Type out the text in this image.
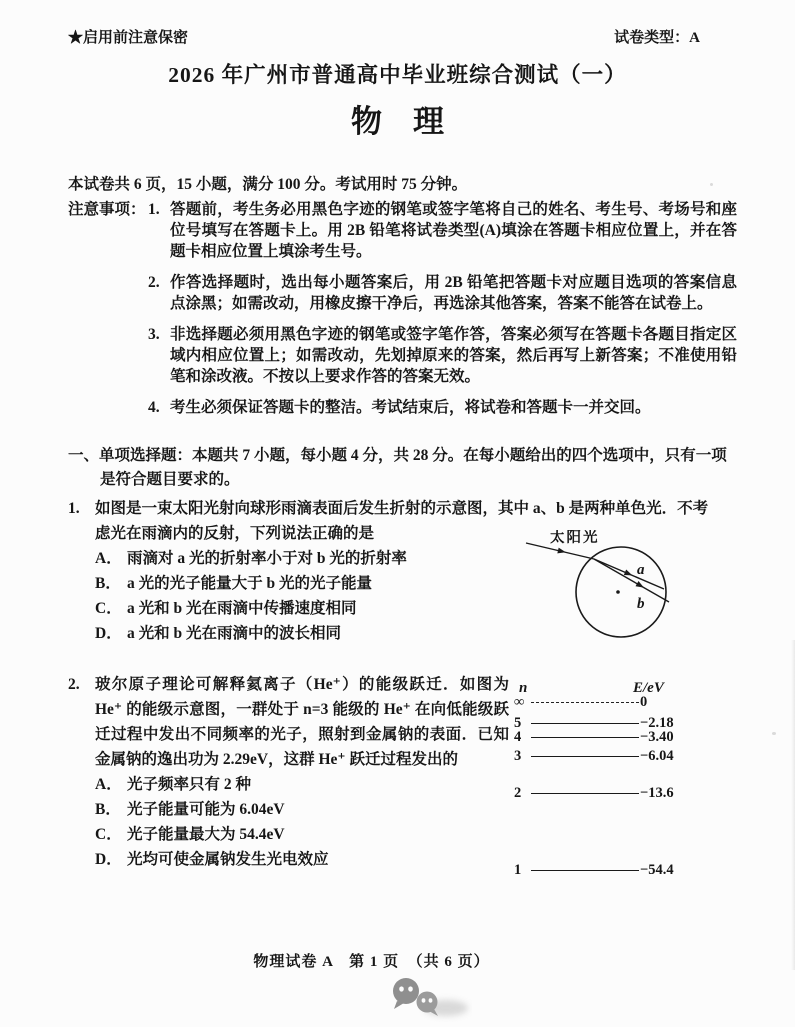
★启用前注意保密	试卷类型：A
2026 年广州市普通高中毕业班综合测试（一）
物　理
本试卷共 6 页，15 小题，满分 100 分。考试用时 75 分钟。
注意事项： 1. 答题前，考生务必用黑色字迹的钢笔或签字笔将自己的姓名、考生号、考场号和座位号填写在答题卡上。用 2B 铅笔将试卷类型(A)填涂在答题卡相应位置上，并在答题卡相应位置上填涂考生号。
2. 作答选择题时，选出每小题答案后，用 2B 铅笔把答题卡对应题目选项的答案信息点涂黑；如需改动，用橡皮擦干净后，再选涂其他答案，答案不能答在试卷上。
3. 非选择题必须用黑色字迹的钢笔或签字笔作答，答案必须写在答题卡各题目指定区域内相应位置上；如需改动，先划掉原来的答案，然后再写上新答案；不准使用铅笔和涂改液。不按以上要求作答的答案无效。
4. 考生必须保证答题卡的整洁。考试结束后，将试卷和答题卡一并交回。
一、单项选择题：本题共 7 小题，每小题 4 分，共 28 分。在每小题给出的四个选项中，只有一项是符合题目要求的。
1. 如图是一束太阳光射向球形雨滴表面后发生折射的示意图，其中 a、b 是两种单色光．不考
虑光在雨滴内的反射，下列说法正确的是
A． 雨滴对 a 光的折射率小于对 b 光的折射率
B． a 光的光子能量大于 b 光的光子能量
C． a 光和 b 光在雨滴中传播速度相同
D． a 光和 b 光在雨滴中的波长相同
太阳光
a
b
2. 玻尔原子理论可解释氦离子（He⁺）的能级跃迁．如图为 He⁺ 的能级示意图，一群处于 n=3 能级的 He⁺ 在向低能级跃迁过程中发出不同频率的光子，照射到金属钠的表面．已知金属钠的逸出功为 2.29eV，这群 He⁺ 跃迁过程发出的
A． 光子频率只有 2 种
B． 光子能量可能为 6.04eV
C． 光子能量最大为 54.4eV
D． 光均可使金属钠发生光电效应
n	E/eV
∞	0
5	−2.18
4	−3.40
3	−6.04
2	−13.6
1	−54.4
物理试卷 A　第 1 页　（共 6 页）
